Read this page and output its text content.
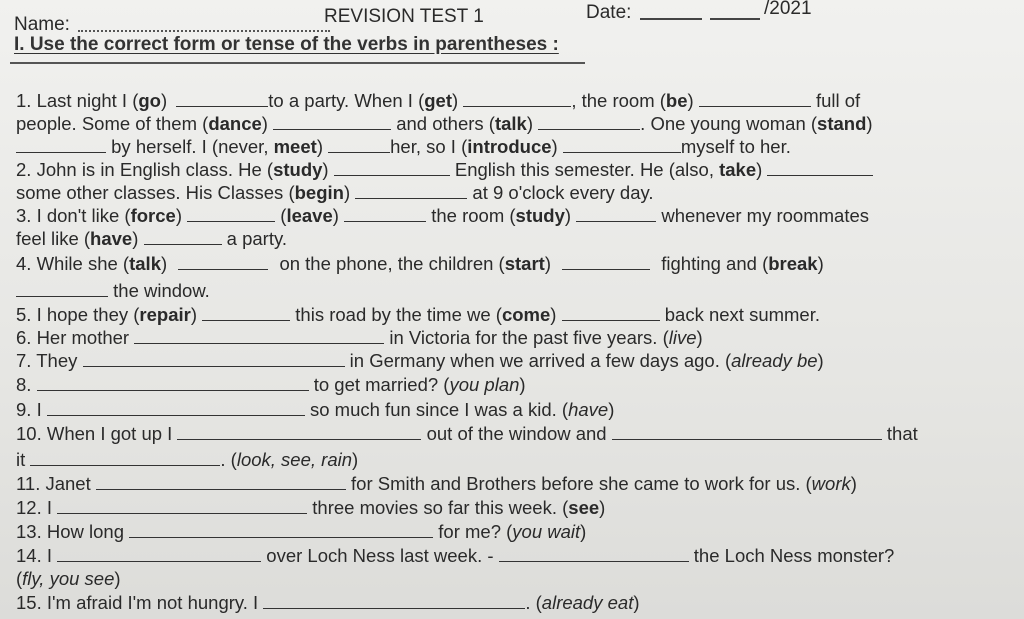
Name:	REVISION TEST 1	Date:	/2021
I. Use the correct form or tense of the verbs in parentheses :
1. Last night I (go)	to a party. When I (get)	, the room (be)	full of
people. Some of them (dance)	and others (talk)	. One young woman (stand)
by herself. I (never, meet)	her, so I (introduce)	myself to her.
2. John is in English class. He (study)	English this semester. He (also, take)
some other classes. His Classes (begin)	at 9 o'clock every day.
3. I don't like (force)	(leave)	the room (study)	whenever my roommates
feel like (have)	a party.
4. While she (talk)	on the phone, the children (start)	fighting and (break)
the window.
5. I hope they (repair)	this road by the time we (come)	back next summer.
6. Her mother	in Victoria for the past five years. (live)
7. They	in Germany when we arrived a few days ago. (already be)
8.	to get married? (you plan)
9. I	so much fun since I was a kid. (have)
10. When I got up I	out of the window and	that
it	. (look, see, rain)
11. Janet	for Smith and Brothers before she came to work for us. (work)
12. I	three movies so far this week. (see)
13. How long	for me? (you wait)
14. I	over Loch Ness last week. -	the Loch Ness monster?
(fly, you see)
15. I'm afraid I'm not hungry. I	. (already eat)
